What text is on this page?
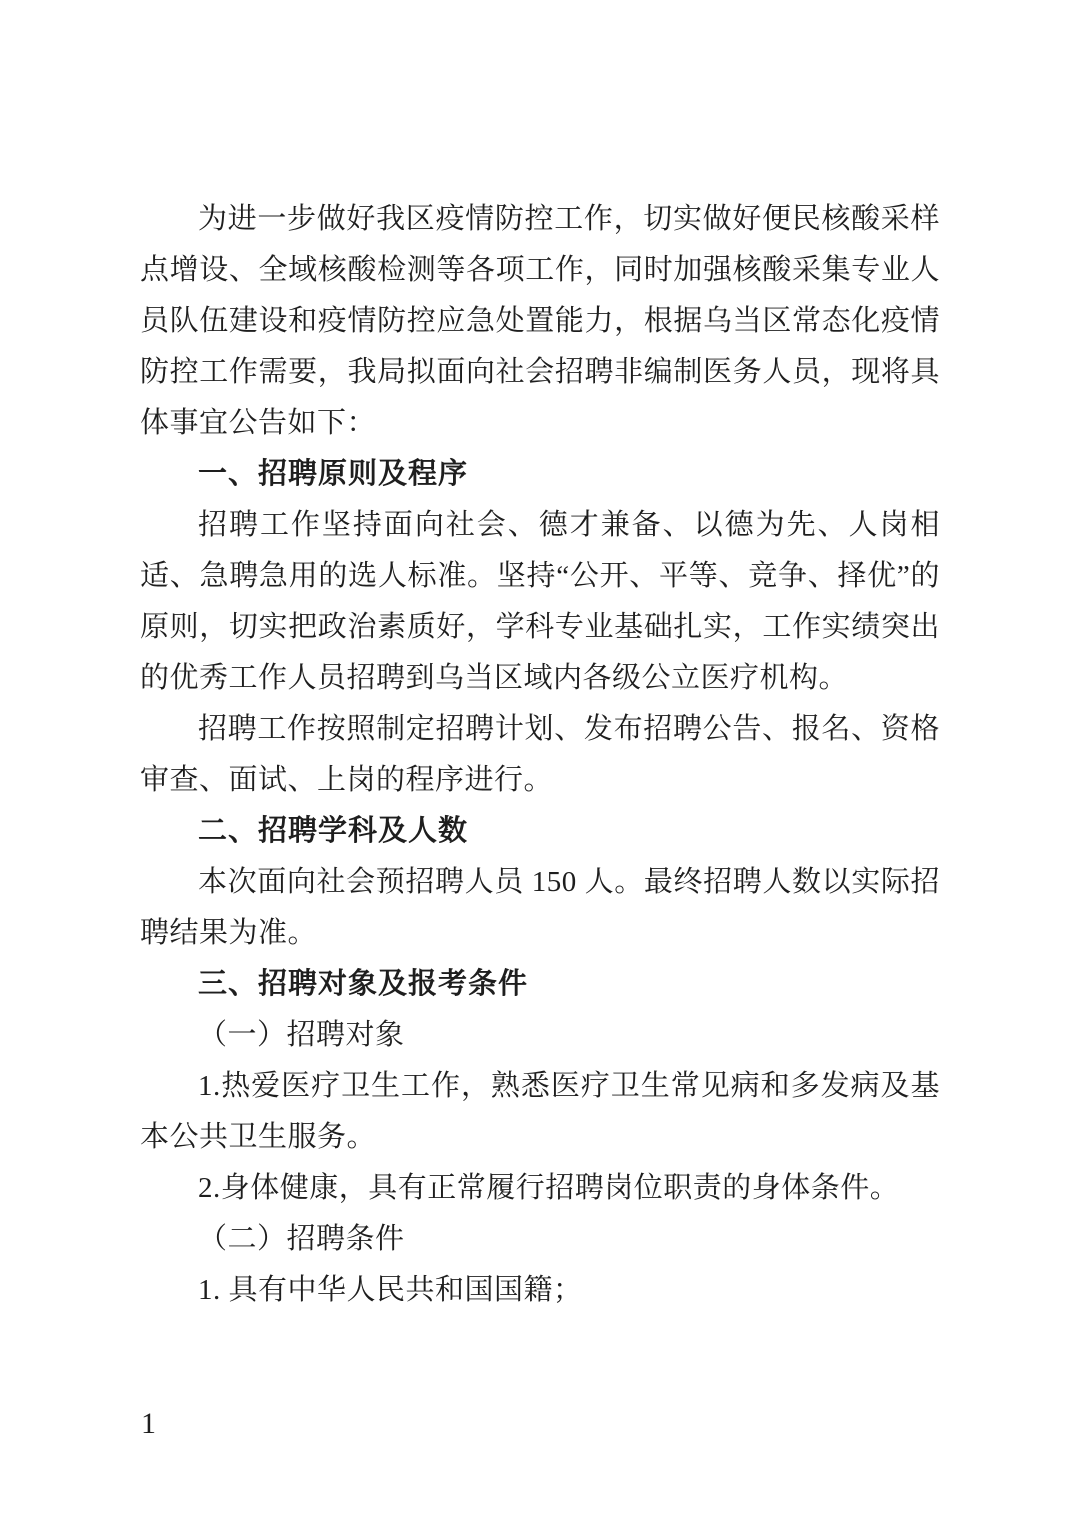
为进一步做好我区疫情防控工作，切实做好便民核酸采样点增设、全域核酸检测等各项工作，同时加强核酸采集专业人员队伍建设和疫情防控应急处置能力，根据乌当区常态化疫情防控工作需要，我局拟面向社会招聘非编制医务人员，现将具体事宜公告如下：

一、招聘原则及程序

招聘工作坚持面向社会、德才兼备、以德为先、人岗相适、急聘急用的选人标准。坚持“公开、平等、竞争、择优”的原则，切实把政治素质好，学科专业基础扎实，工作实绩突出的优秀工作人员招聘到乌当区域内各级公立医疗机构。

招聘工作按照制定招聘计划、发布招聘公告、报名、资格审查、面试、上岗的程序进行。

二、招聘学科及人数

本次面向社会预招聘人员 150 人。最终招聘人数以实际招聘结果为准。

三、招聘对象及报考条件

（一）招聘对象

1.热爱医疗卫生工作，熟悉医疗卫生常见病和多发病及基本公共卫生服务。

2.身体健康，具有正常履行招聘岗位职责的身体条件。

（二）招聘条件

1. 具有中华人民共和国国籍；

1
